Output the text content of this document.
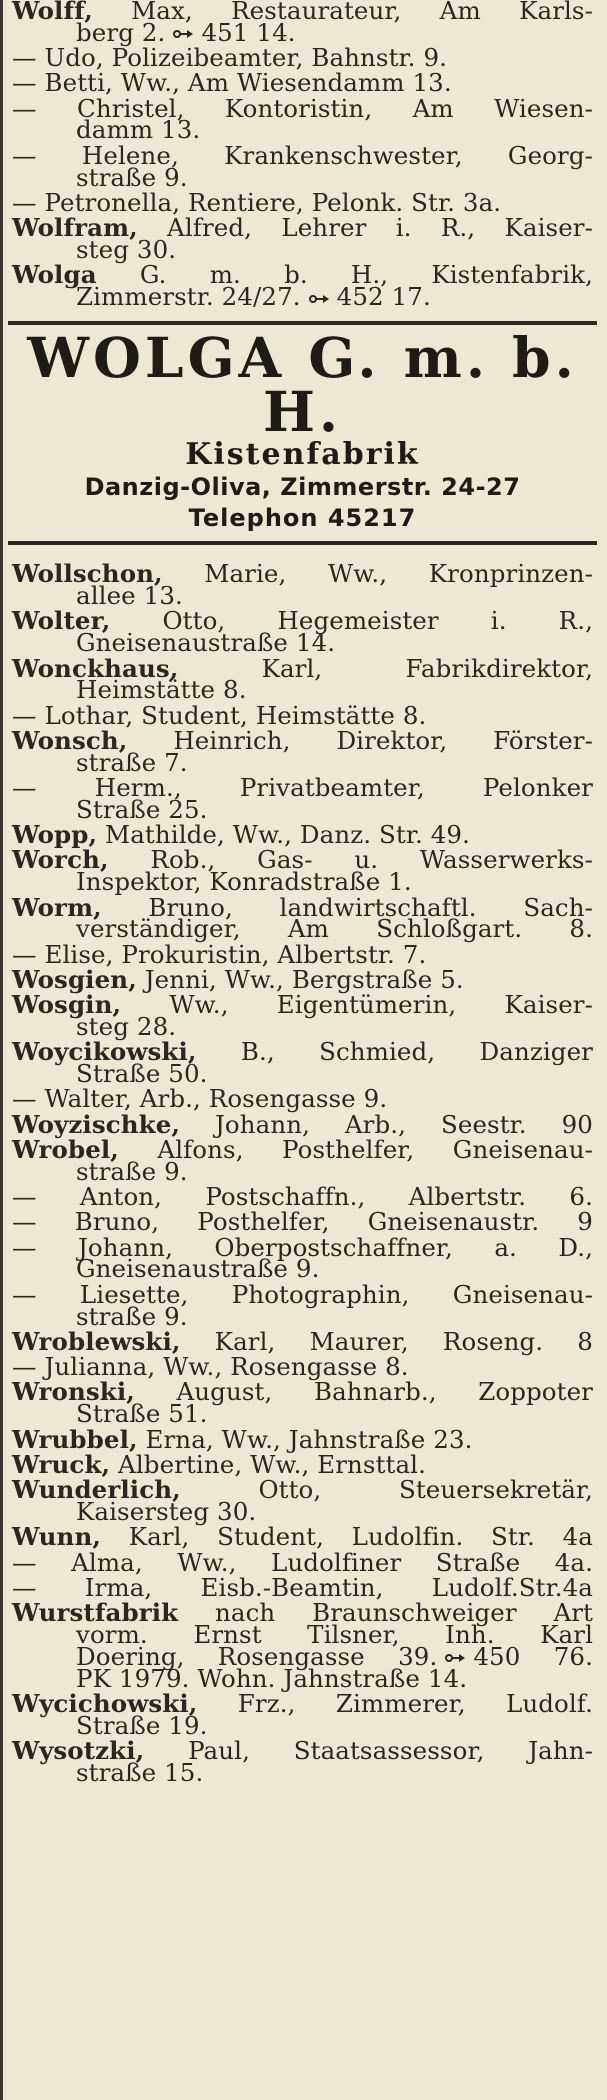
Wolff, Max, Restaurateur, Am Karls-
berg 2. 451 14.
— Udo, Polizeibeamter, Bahnstr. 9.
— Betti, Ww., Am Wiesendamm 13.
— Christel, Kontoristin, Am Wiesen-
damm 13.
— Helene, Krankenschwester, Georg-
straße 9.
— Petronella, Rentiere, Pelonk. Str. 3a.
Wolfram, Alfred, Lehrer i. R., Kaiser-
steg 30.
Wolga G. m. b. H., Kistenfabrik,
Zimmerstr. 24/27. 452 17.
WOLGA G. m. b. H.
Kistenfabrik
Danzig-Oliva, Zimmerstr. 24-27
Telephon 45217
Wollschon, Marie, Ww., Kronprinzen-
allee 13.
Wolter, Otto, Hegemeister i. R.,
Gneisenaustraße 14.
Wonckhaus, Karl, Fabrikdirektor,
Heimstätte 8.
— Lothar, Student, Heimstätte 8.
Wonsch, Heinrich, Direktor, Förster-
straße 7.
— Herm., Privatbeamter, Pelonker
Straße 25.
Wopp, Mathilde, Ww., Danz. Str. 49.
Worch, Rob., Gas- u. Wasserwerks-
Inspektor, Konradstraße 1.
Worm, Bruno, landwirtschaftl. Sach-
verständiger, Am Schloßgart. 8.
— Elise, Prokuristin, Albertstr. 7.
Wosgien, Jenni, Ww., Bergstraße 5.
Wosgin, Ww., Eigentümerin, Kaiser-
steg 28.
Woycikowski, B., Schmied, Danziger
Straße 50.
— Walter, Arb., Rosengasse 9.
Woyzischke, Johann, Arb., Seestr. 90
Wrobel, Alfons, Posthelfer, Gneisenau-
straße 9.
— Anton, Postschaffn., Albertstr. 6.
— Bruno, Posthelfer, Gneisenaustr. 9
— Johann, Oberpostschaffner, a. D.,
Gneisenaustraße 9.
— Liesette, Photographin, Gneisenau-
straße 9.
Wroblewski, Karl, Maurer, Roseng. 8
— Julianna, Ww., Rosengasse 8.
Wronski, August, Bahnarb., Zoppoter
Straße 51.
Wrubbel, Erna, Ww., Jahnstraße 23.
Wruck, Albertine, Ww., Ernsttal.
Wunderlich, Otto, Steuersekretär,
Kaisersteg 30.
Wunn, Karl, Student, Ludolfin. Str. 4a
— Alma, Ww., Ludolfiner Straße 4a.
— Irma, Eisb.-Beamtin, Ludolf.Str.4a
Wurstfabrik nach Braunschweiger Art
vorm. Ernst Tilsner, Inh. Karl
Doering, Rosengasse 39. 450 76.
PK 1979. Wohn. Jahnstraße 14.
Wycichowski, Frz., Zimmerer, Ludolf.
Straße 19.
Wysotzki, Paul, Staatsassessor, Jahn-
straße 15.
